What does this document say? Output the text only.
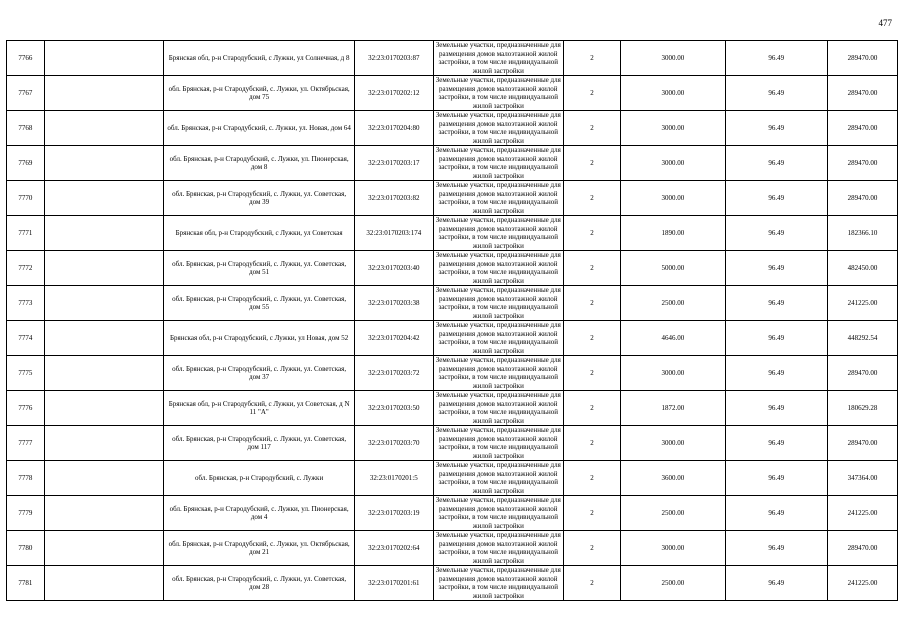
477
7766		Брянская обл, р-н Стародубский, с Лужки, ул Солнечная, д 8	32:23:0170203:87	Земельные участки, предназначенные для размещения домов малоэтажной жилой застройки, в том числе индивидуальной жилой застройки	2	3000.00	96.49	289470.00
7767		обл. Брянская, р-н Стародубский, с. Лужки, ул. Октябрьская, дом 75	32:23:0170202:12	Земельные участки, предназначенные для размещения домов малоэтажной жилой застройки, в том числе индивидуальной жилой застройки	2	3000.00	96.49	289470.00
7768		обл. Брянская, р-н Стародубский, с. Лужки, ул. Новая, дом 64	32:23:0170204:80	Земельные участки, предназначенные для размещения домов малоэтажной жилой застройки, в том числе индивидуальной жилой застройки	2	3000.00	96.49	289470.00
7769		обл. Брянская, р-н Стародубский, с. Лужки, ул. Пионерская, дом 8	32:23:0170203:17	Земельные участки, предназначенные для размещения домов малоэтажной жилой застройки, в том числе индивидуальной жилой застройки	2	3000.00	96.49	289470.00
7770		обл. Брянская, р-н Стародубский, с. Лужки, ул. Советская, дом 39	32:23:0170203:82	Земельные участки, предназначенные для размещения домов малоэтажной жилой застройки, в том числе индивидуальной жилой застройки	2	3000.00	96.49	289470.00
7771		Брянская обл, р-н Стародубский, с Лужки, ул Советская	32:23:0170203:174	Земельные участки, предназначенные для размещения домов малоэтажной жилой застройки, в том числе индивидуальной жилой застройки	2	1890.00	96.49	182366.10
7772		обл. Брянская, р-н Стародубский, с. Лужки, ул. Советская, дом 51	32:23:0170203:40	Земельные участки, предназначенные для размещения домов малоэтажной жилой застройки, в том числе индивидуальной жилой застройки	2	5000.00	96.49	482450.00
7773		обл. Брянская, р-н Стародубский, с. Лужки, ул. Советская, дом 55	32:23:0170203:38	Земельные участки, предназначенные для размещения домов малоэтажной жилой застройки, в том числе индивидуальной жилой застройки	2	2500.00	96.49	241225.00
7774		Брянская обл, р-н Стародубский, с Лужки, ул Новая, дом 52	32:23:0170204:42	Земельные участки, предназначенные для размещения домов малоэтажной жилой застройки, в том числе индивидуальной жилой застройки	2	4646.00	96.49	448292.54
7775		обл. Брянская, р-н Стародубский, с. Лужки, ул. Советская, дом 37	32:23:0170203:72	Земельные участки, предназначенные для размещения домов малоэтажной жилой застройки, в том числе индивидуальной жилой застройки	2	3000.00	96.49	289470.00
7776		Брянская обл, р-н Стародубский, с Лужки, ул Советская, д N 11 "А"	32:23:0170203:50	Земельные участки, предназначенные для размещения домов малоэтажной жилой застройки, в том числе индивидуальной жилой застройки	2	1872.00	96.49	180629.28
7777		обл. Брянская, р-н Стародубский, с. Лужки, ул. Советская, дом 117	32:23:0170203:70	Земельные участки, предназначенные для размещения домов малоэтажной жилой застройки, в том числе индивидуальной жилой застройки	2	3000.00	96.49	289470.00
7778		обл. Брянская, р-н Стародубский, с. Лужки	32:23:0170201:5	Земельные участки, предназначенные для размещения домов малоэтажной жилой застройки, в том числе индивидуальной жилой застройки	2	3600.00	96.49	347364.00
7779		обл. Брянская, р-н Стародубский, с. Лужки, ул. Пионерская, дом 4	32:23:0170203:19	Земельные участки, предназначенные для размещения домов малоэтажной жилой застройки, в том числе индивидуальной жилой застройки	2	2500.00	96.49	241225.00
7780		обл. Брянская, р-н Стародубский, с. Лужки, ул. Октябрьская, дом 21	32:23:0170202:64	Земельные участки, предназначенные для размещения домов малоэтажной жилой застройки, в том числе индивидуальной жилой застройки	2	3000.00	96.49	289470.00
7781		обл. Брянская, р-н Стародубский, с. Лужки, ул. Советская, дом 28	32:23:0170201:61	Земельные участки, предназначенные для размещения домов малоэтажной жилой застройки, в том числе индивидуальной жилой застройки	2	2500.00	96.49	241225.00
